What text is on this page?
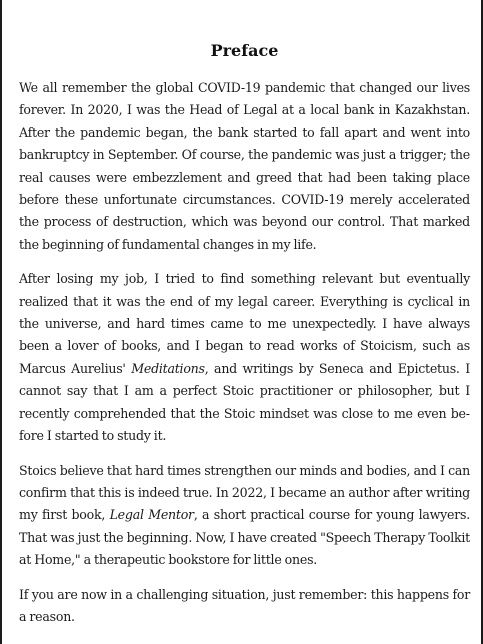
Preface

We all remember the global COVID-19 pandemic that changed our lives forever. In 2020, I was the Head of Legal at a local bank in Kazakhstan. After the pandemic began, the bank started to fall apart and went into bankruptcy in September. Of course, the pandemic was just a trigger; the real causes were embezzlement and greed that had been taking place before these unfortunate circumstances. COVID-19 merely accelerated the process of destruction, which was beyond our control. That marked the beginning of fundamental changes in my life.

After losing my job, I tried to find something relevant but eventually realized that it was the end of my legal career. Everything is cyclical in the universe, and hard times came to me unexpectedly. I have always been a lover of books, and I began to read works of Stoicism, such as Marcus Aurelius' Meditations, and writings by Seneca and Epictetus. I cannot say that I am a perfect Stoic practitioner or philosopher, but I recently comprehended that the Stoic mindset was close to me even before I started to study it.

Stoics believe that hard times strengthen our minds and bodies, and I can confirm that this is indeed true. In 2022, I became an author after writing my first book, Legal Mentor, a short practical course for young lawyers. That was just the beginning. Now, I have created "Speech Therapy Toolkit at Home," a therapeutic bookstore for little ones.

If you are now in a challenging situation, just remember: this happens for a reason.
